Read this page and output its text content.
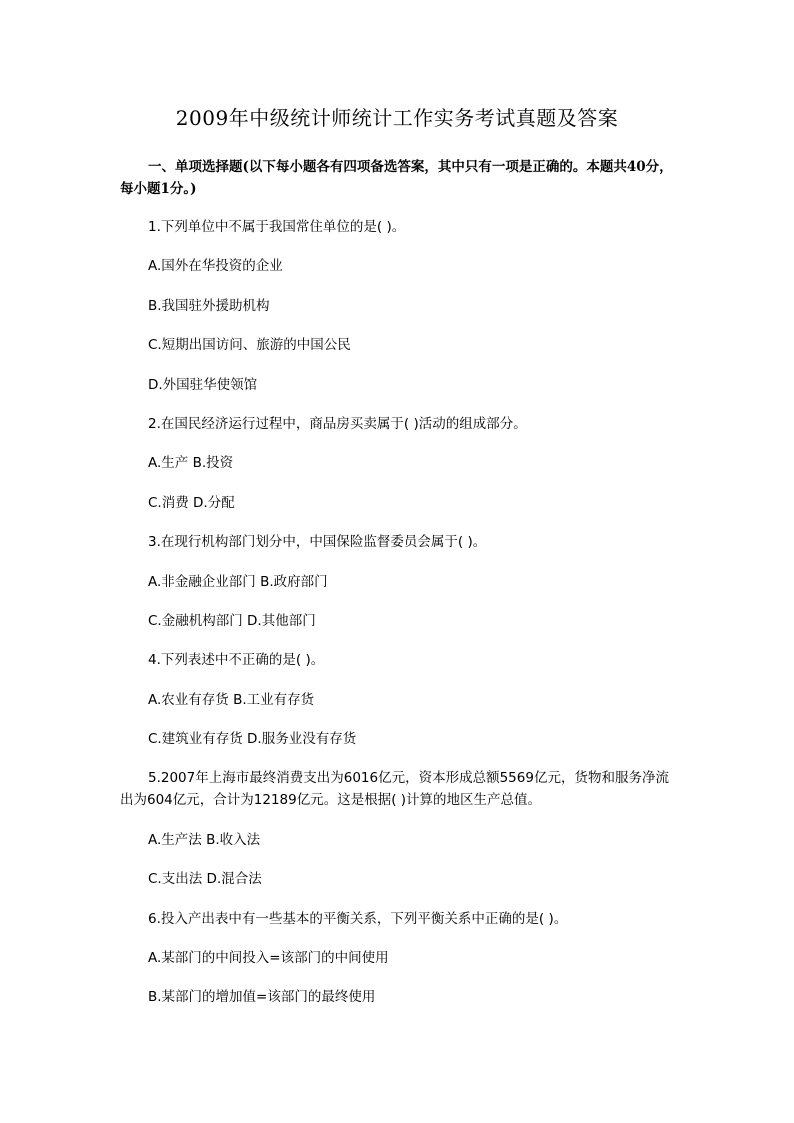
2009年中级统计师统计工作实务考试真题及答案
一、单项选择题(以下每小题各有四项备选答案，其中只有一项是正确的。本题共40分，每小题1分。)
1.下列单位中不属于我国常住单位的是( )。
A.国外在华投资的企业
B.我国驻外援助机构
C.短期出国访问、旅游的中国公民
D.外国驻华使领馆
2.在国民经济运行过程中，商品房买卖属于( )活动的组成部分。
A.生产 B.投资
C.消费 D.分配
3.在现行机构部门划分中，中国保险监督委员会属于( )。
A.非金融企业部门 B.政府部门
C.金融机构部门 D.其他部门
4.下列表述中不正确的是( )。
A.农业有存货 B.工业有存货
C.建筑业有存货 D.服务业没有存货
5.2007年上海市最终消费支出为6016亿元，资本形成总额5569亿元，货物和服务净流出为604亿元，合计为12189亿元。这是根据( )计算的地区生产总值。
A.生产法 B.收入法
C.支出法 D.混合法
6.投入产出表中有一些基本的平衡关系，下列平衡关系中正确的是( )。
A.某部门的中间投入=该部门的中间使用
B.某部门的增加值=该部门的最终使用
